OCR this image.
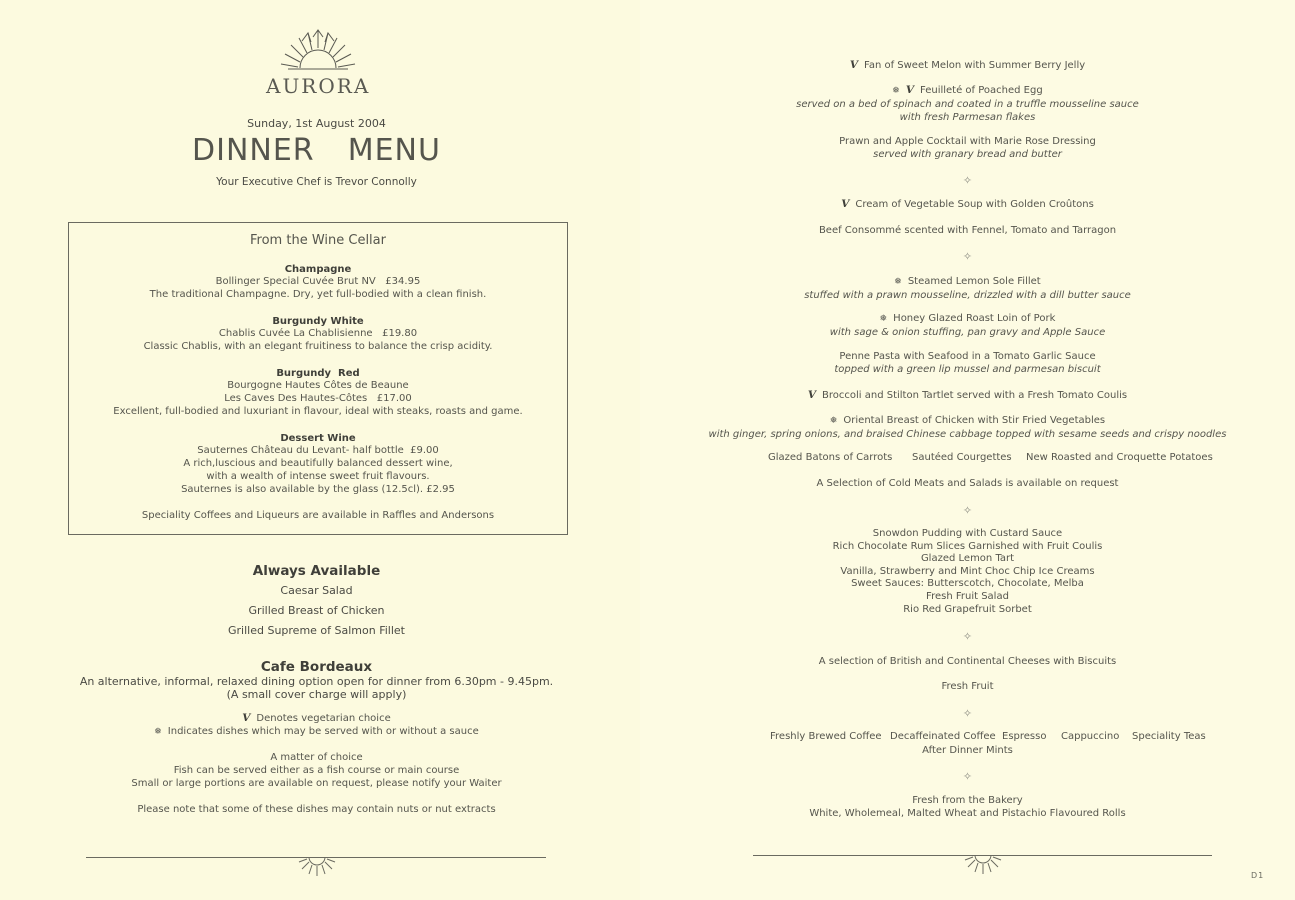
AURORA
Sunday, 1st August 2004
DINNER  MENU
Your Executive Chef is Trevor Connolly
From the Wine Cellar
Champagne
Bollinger Special Cuvée Brut NV   £34.95
The traditional Champagne. Dry, yet full-bodied with a clean finish.
Burgundy White
Chablis Cuvée La Chablisienne   £19.80
Classic Chablis, with an elegant fruitiness to balance the crisp acidity.
Burgundy  Red
Bourgogne Hautes Côtes de Beaune
Les Caves Des Hautes-Côtes   £17.00
Excellent, full-bodied and luxuriant in flavour, ideal with steaks, roasts and game.
Dessert Wine
Sauternes Château du Levant- half bottle  £9.00
A rich,luscious and beautifully balanced dessert wine,
with a wealth of intense sweet fruit flavours.
Sauternes is also available by the glass (12.5cl). £2.95
Speciality Coffees and Liqueurs are available in Raffles and Andersons
Always Available
Caesar Salad
Grilled Breast of Chicken
Grilled Supreme of Salmon Fillet
Cafe Bordeaux
An alternative, informal, relaxed dining option open for dinner from 6.30pm - 9.45pm.
(A small cover charge will apply)
V Denotes vegetarian choice
❅ Indicates dishes which may be served with or without a sauce
A matter of choice
Fish can be served either as a fish course or main course
Small or large portions are available on request, please notify your Waiter
Please note that some of these dishes may contain nuts or nut extracts
V Fan of Sweet Melon with Summer Berry Jelly
❅ V Feuilleté of Poached Egg
served on a bed of spinach and coated in a truffle mousseline sauce
with fresh Parmesan flakes
Prawn and Apple Cocktail with Marie Rose Dressing
served with granary bread and butter
✧
V Cream of Vegetable Soup with Golden Croûtons
Beef Consommé scented with Fennel, Tomato and Tarragon
✧
❅ Steamed Lemon Sole Fillet
stuffed with a prawn mousseline, drizzled with a dill butter sauce
❅ Honey Glazed Roast Loin of Pork
with sage & onion stuffing, pan gravy and Apple Sauce
Penne Pasta with Seafood in a Tomato Garlic Sauce
topped with a green lip mussel and parmesan biscuit
V Broccoli and Stilton Tartlet served with a Fresh Tomato Coulis
❅ Oriental Breast of Chicken with Stir Fried Vegetables
with ginger, spring onions, and braised Chinese cabbage topped with sesame seeds and crispy noodles
Glazed Batons of Carrots Sautéed Courgettes New Roasted and Croquette Potatoes
A Selection of Cold Meats and Salads is available on request
✧
Snowdon Pudding with Custard Sauce
Rich Chocolate Rum Slices Garnished with Fruit Coulis
Glazed Lemon Tart
Vanilla, Strawberry and Mint Choc Chip Ice Creams
Sweet Sauces: Butterscotch, Chocolate, Melba
Fresh Fruit Salad
Rio Red Grapefruit Sorbet
✧
A selection of British and Continental Cheeses with Biscuits
Fresh Fruit
✧
Freshly Brewed Coffee Decaffeinated Coffee Espresso Cappuccino Speciality Teas
After Dinner Mints
✧
Fresh from the Bakery
White, Wholemeal, Malted Wheat and Pistachio Flavoured Rolls
D1
